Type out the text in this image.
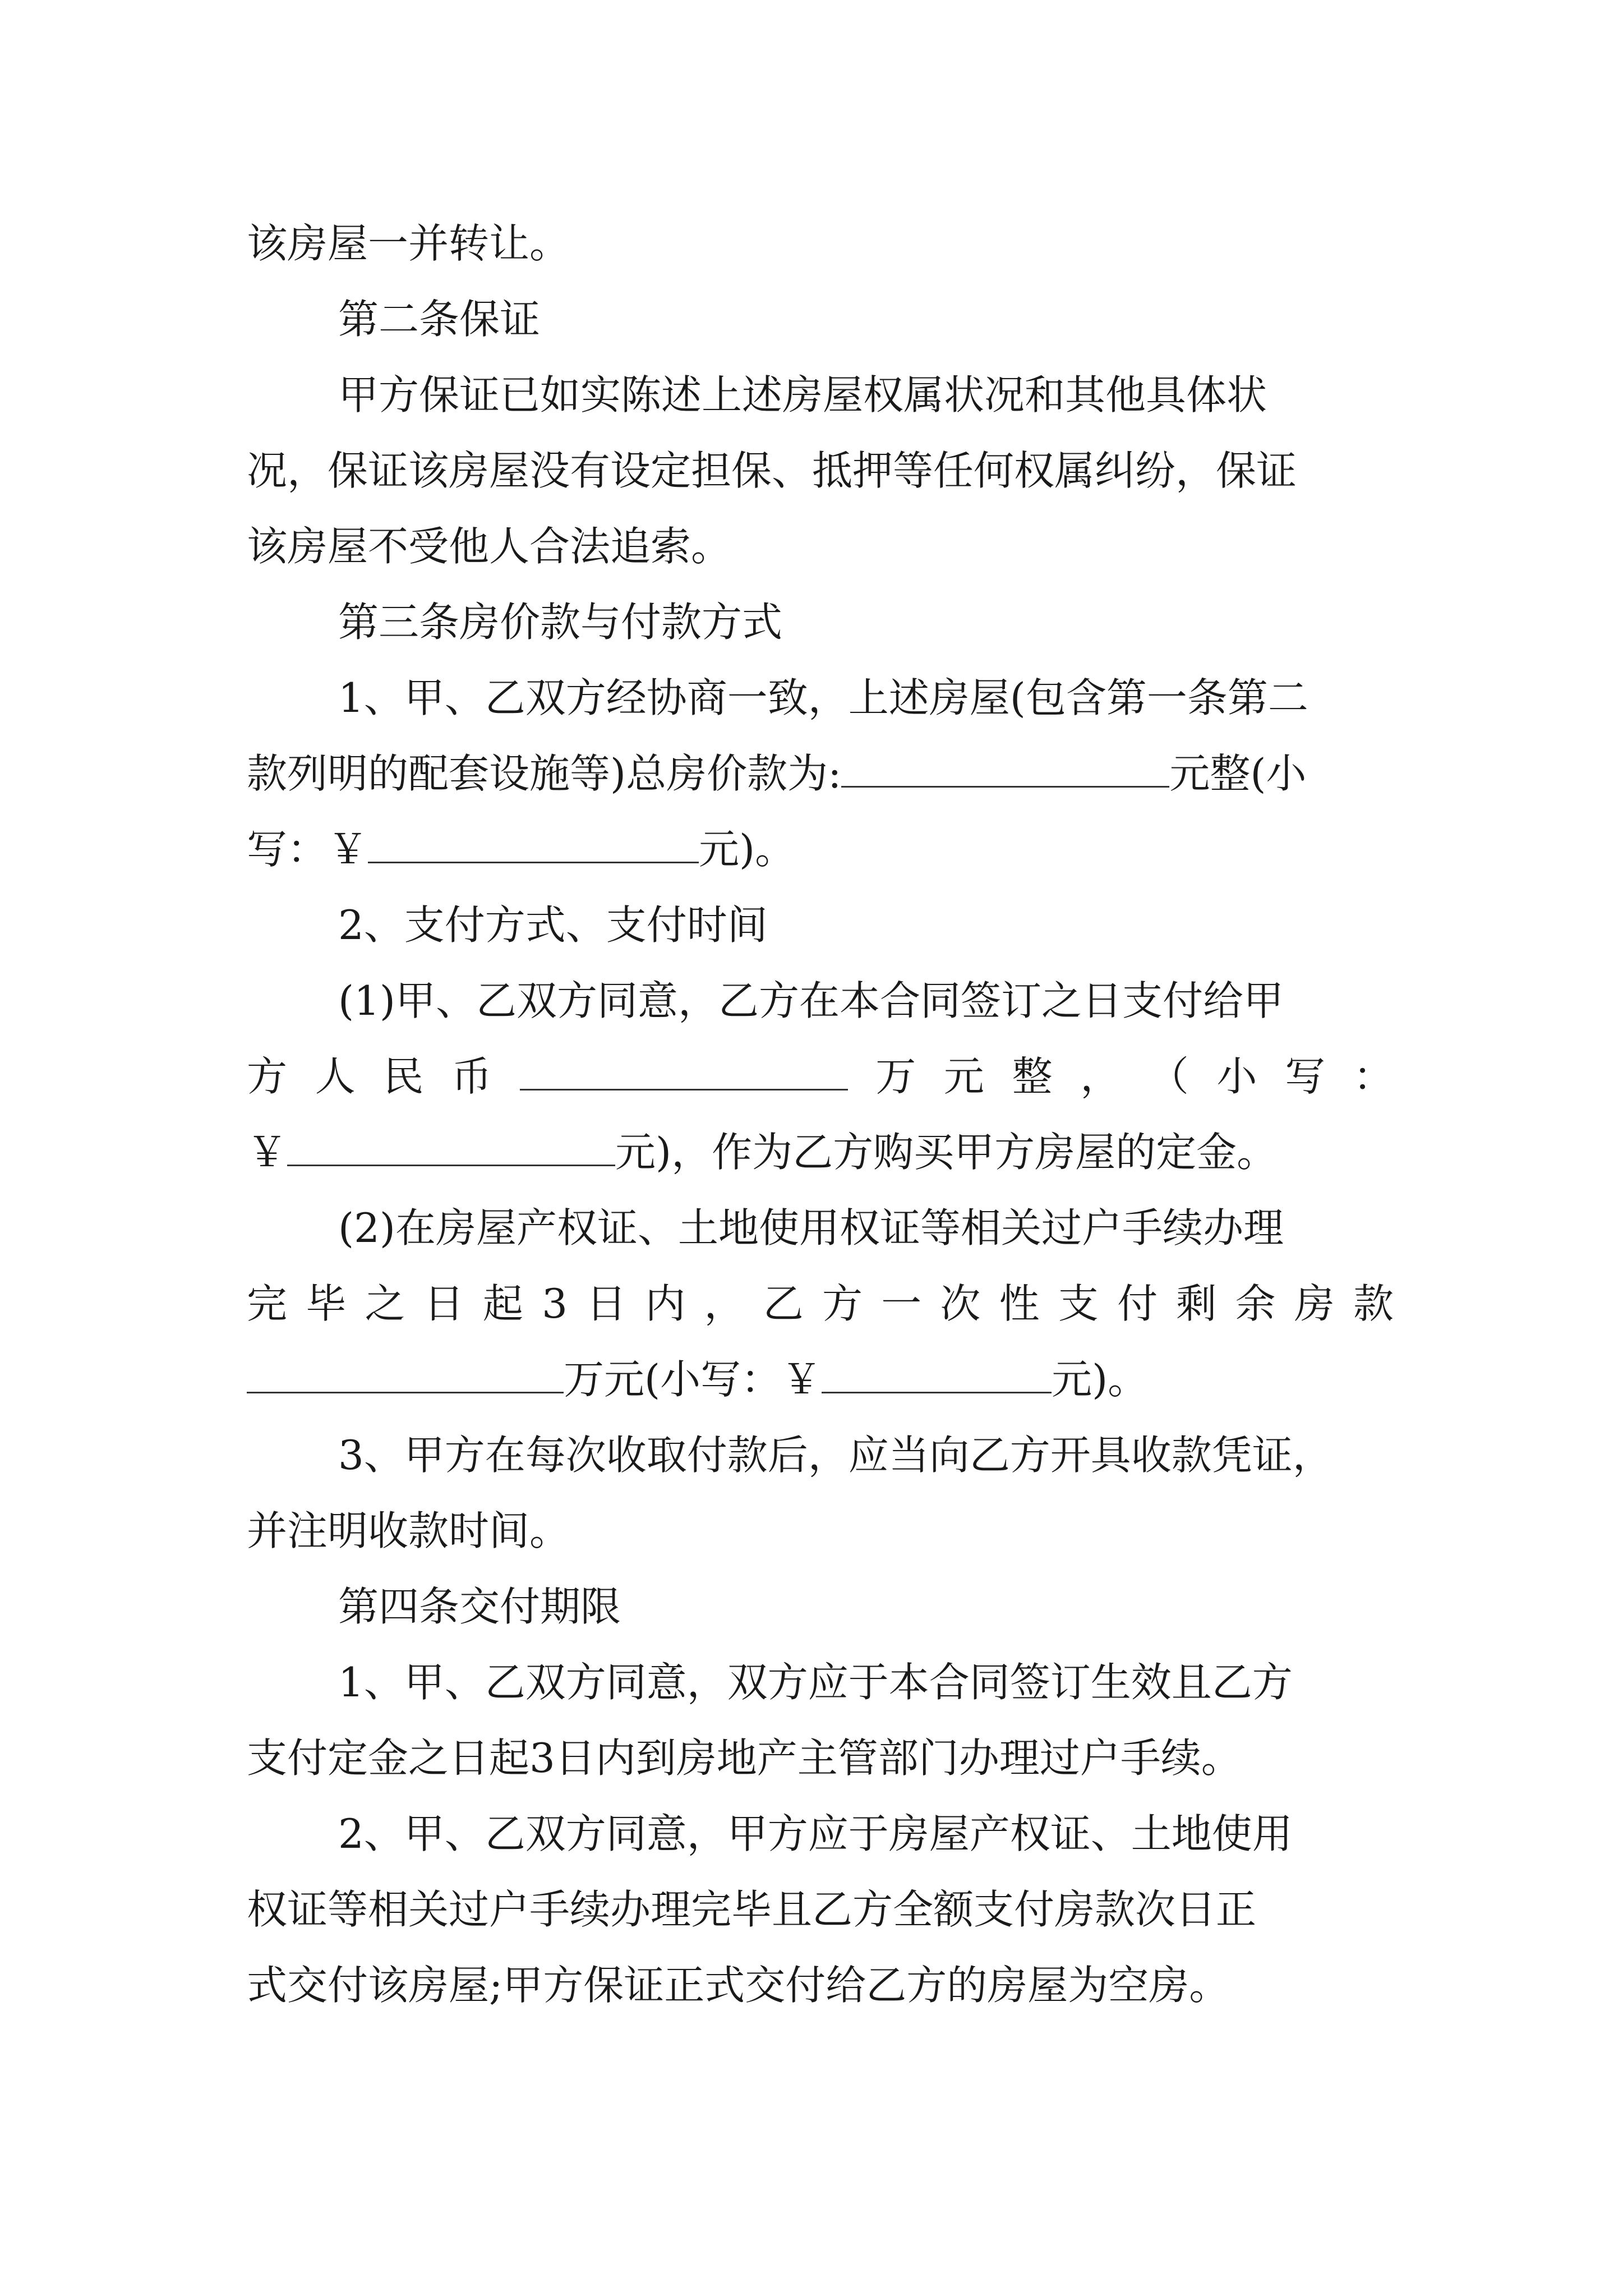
该房屋一并转让。
第二条保证
甲方保证已如实陈述上述房屋权属状况和其他具体状
况，保证该房屋没有设定担保、抵押等任何权属纠纷，保证
该房屋不受他人合法追索。
第三条房价款与付款方式
1、甲、乙双方经协商一致，上述房屋(包含第一条第二
款列明的配套设施等)总房价款为:	元整(小
写：￥	元)。
2、支付方式、支付时间
(1)甲、乙双方同意，乙方在本合同签订之日支付给甲
方 人 民 币	万 元 整 ， （ 小 写 ：
￥	元)，作为乙方购买甲方房屋的定金。
(2)在房屋产权证、土地使用权证等相关过户手续办理
完 毕 之 日 起 3 日 内 ， 乙 方 一 次 性 支 付 剩 余 房 款
万元(小写：￥	元)。
3、甲方在每次收取付款后，应当向乙方开具收款凭证，
并注明收款时间。
第四条交付期限
1、甲、乙双方同意，双方应于本合同签订生效且乙方
支付定金之日起3日内到房地产主管部门办理过户手续。
2、甲、乙双方同意，甲方应于房屋产权证、土地使用
权证等相关过户手续办理完毕且乙方全额支付房款次日正
式交付该房屋;甲方保证正式交付给乙方的房屋为空房。
